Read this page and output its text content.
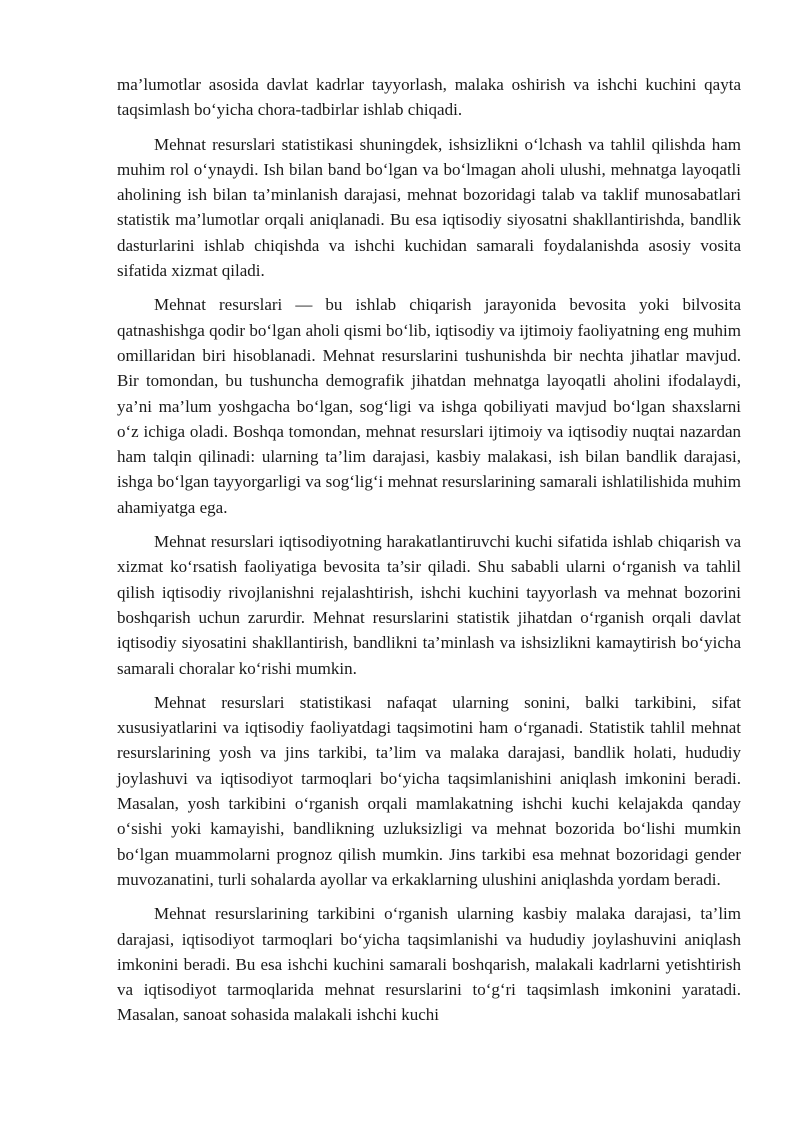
ma’lumotlar asosida davlat kadrlar tayyorlash, malaka oshirish va ishchi kuchini qayta taqsimlash bo‘yicha chora-tadbirlar ishlab chiqadi.

Mehnat resurslari statistikasi shuningdek, ishsizlikni o‘lchash va tahlil qilishda ham muhim rol o‘ynaydi. Ish bilan band bo‘lgan va bo‘lmagan aholi ulushi, mehnatga layoqatli aholining ish bilan ta’minlanish darajasi, mehnat bozoridagi talab va taklif munosabatlari statistik ma’lumotlar orqali aniqlanadi. Bu esa iqtisodiy siyosatni shakllantirishda, bandlik dasturlarini ishlab chiqishda va ishchi kuchidan samarali foydalanishda asosiy vosita sifatida xizmat qiladi.

Mehnat resurslari — bu ishlab chiqarish jarayonida bevosita yoki bilvosita qatnashishga qodir bo‘lgan aholi qismi bo‘lib, iqtisodiy va ijtimoiy faoliyatning eng muhim omillaridan biri hisoblanadi. Mehnat resurslarini tushunishda bir nechta jihatlar mavjud. Bir tomondan, bu tushuncha demografik jihatdan mehnatga layoqatli aholini ifodalaydi, ya’ni ma’lum yoshgacha bo‘lgan, sog‘ligi va ishga qobiliyati mavjud bo‘lgan shaxslarni o‘z ichiga oladi. Boshqa tomondan, mehnat resurslari ijtimoiy va iqtisodiy nuqtai nazardan ham talqin qilinadi: ularning ta’lim darajasi, kasbiy malakasi, ish bilan bandlik darajasi, ishga bo‘lgan tayyorgarligi va sog‘lig‘i mehnat resurslarining samarali ishlatilishida muhim ahamiyatga ega.

Mehnat resurslari iqtisodiyotning harakatlantiruvchi kuchi sifatida ishlab chiqarish va xizmat ko‘rsatish faoliyatiga bevosita ta’sir qiladi. Shu sababli ularni o‘rganish va tahlil qilish iqtisodiy rivojlanishni rejalashtirish, ishchi kuchini tayyorlash va mehnat bozorini boshqarish uchun zarurdir. Mehnat resurslarini statistik jihatdan o‘rganish orqali davlat iqtisodiy siyosatini shakllantirish, bandlikni ta’minlash va ishsizlikni kamaytirish bo‘yicha samarali choralar ko‘rishi mumkin.

Mehnat resurslari statistikasi nafaqat ularning sonini, balki tarkibini, sifat xususiyatlarini va iqtisodiy faoliyatdagi taqsimotini ham o‘rganadi. Statistik tahlil mehnat resurslarining yosh va jins tarkibi, ta’lim va malaka darajasi, bandlik holati, hududiy joylashuvi va iqtisodiyot tarmoqlari bo‘yicha taqsimlanishini aniqlash imkonini beradi. Masalan, yosh tarkibini o‘rganish orqali mamlakatning ishchi kuchi kelajakda qanday o‘sishi yoki kamayishi, bandlikning uzluksizligi va mehnat bozorida bo‘lishi mumkin bo‘lgan muammolarni prognoz qilish mumkin. Jins tarkibi esa mehnat bozoridagi gender muvozanatini, turli sohalarda ayollar va erkaklarning ulushini aniqlashda yordam beradi.

Mehnat resurslarining tarkibini o‘rganish ularning kasbiy malaka darajasi, ta’lim darajasi, iqtisodiyot tarmoqlari bo‘yicha taqsimlanishi va hududiy joylashuvini aniqlash imkonini beradi. Bu esa ishchi kuchini samarali boshqarish, malakali kadrlarni yetishtirish va iqtisodiyot tarmoqlarida mehnat resurslarini to‘g‘ri taqsimlash imkonini yaratadi. Masalan, sanoat sohasida malakali ishchi kuchi
